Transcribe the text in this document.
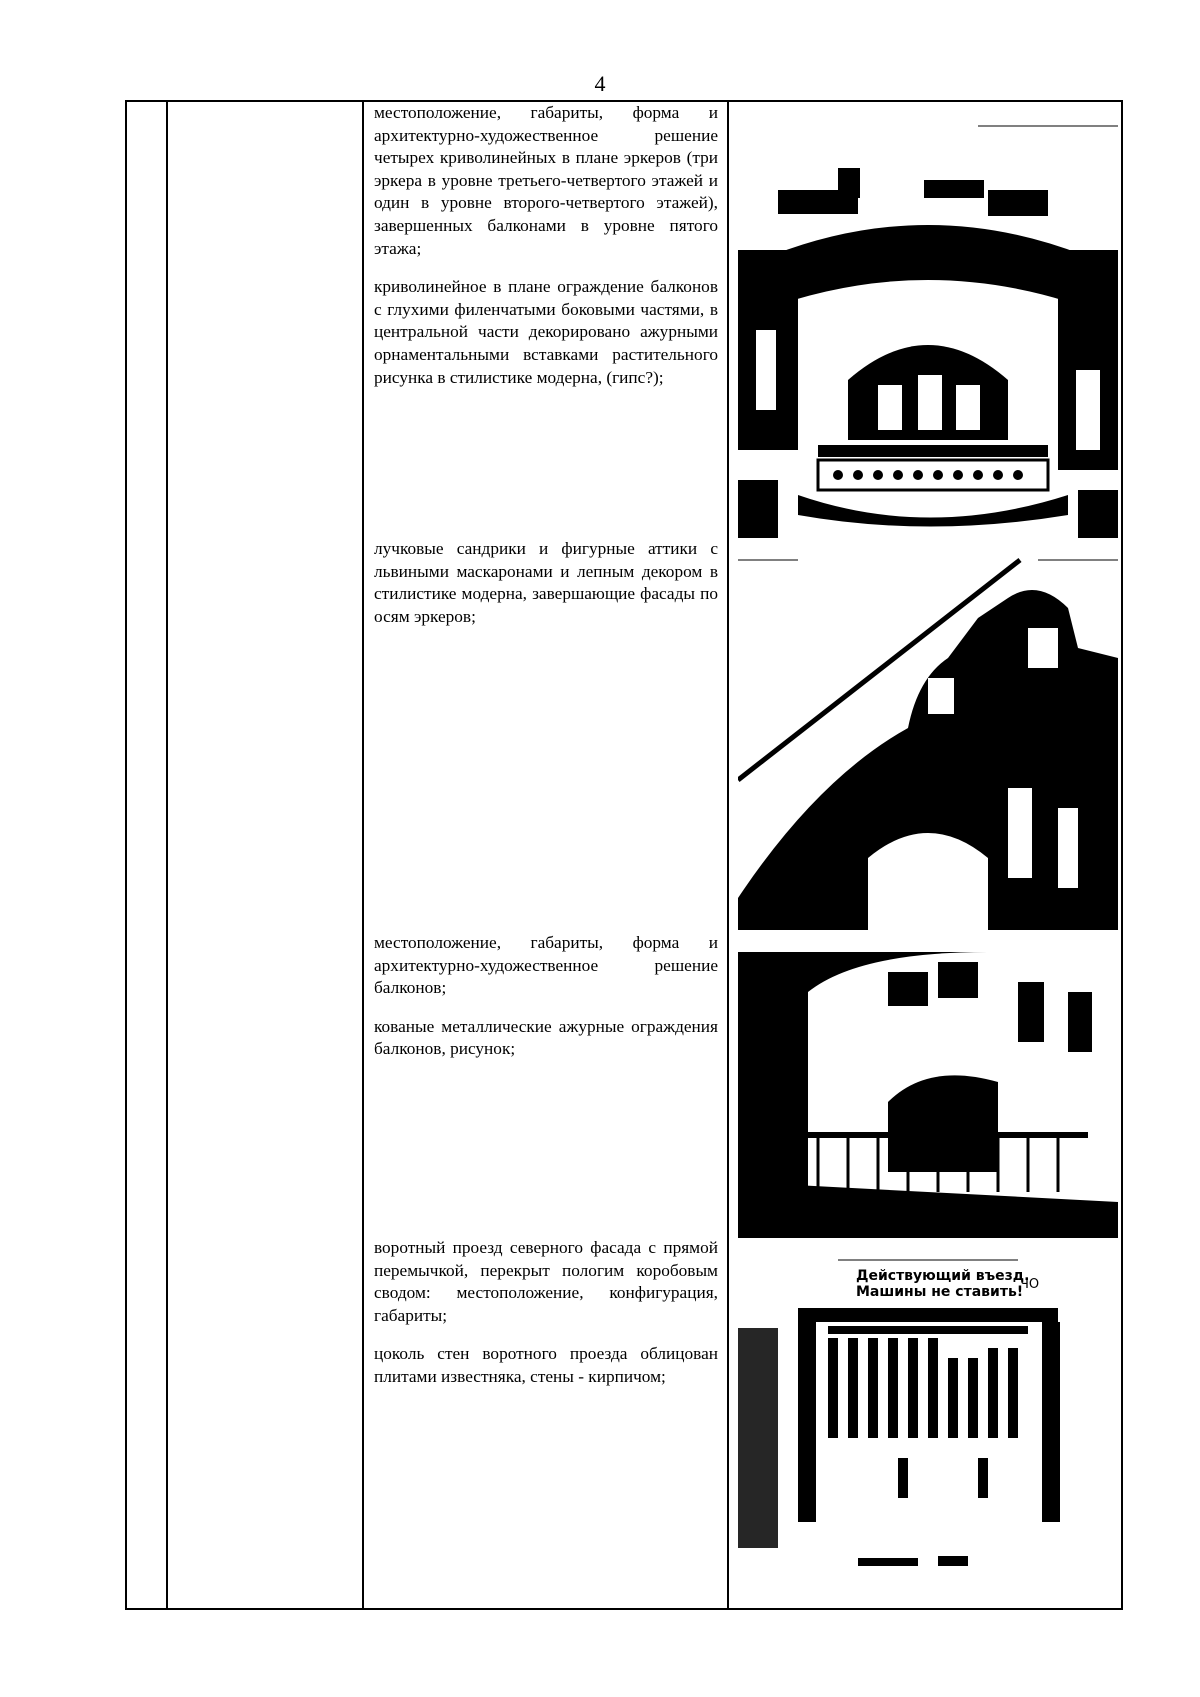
4

местоположение, габариты, форма и архитектурно-художественное решение четырех криволинейных в плане эркеров (три эркера в уровне третьего-четвертого этажей и один в уровне второго-четвертого этажей), завершенных балконами в уровне пятого этажа;

криволинейное в плане ограждение балконов с глухими филенчатыми боковыми частями, в центральной части декорировано ажурными орнаментальными вставками растительного рисунка в стилистике модерна, (гипс?);

лучковые сандрики и фигурные аттики с львиными маскаронами и лепным декором в стилистике модерна, завершающие фасады по осям эркеров;

местоположение, габариты, форма и архитектурно-художественное решение балконов;

кованые металлические ажурные ограждения балконов, рисунок;

воротный проезд северного фасада с прямой перемычкой, перекрыт пологим коробовым сводом: местоположение, конфигурация, габариты;

цоколь стен воротного проезда облицован плитами известняка, стены - кирпичом;

Действующий въезд.
Машины не ставить!
ЧО
